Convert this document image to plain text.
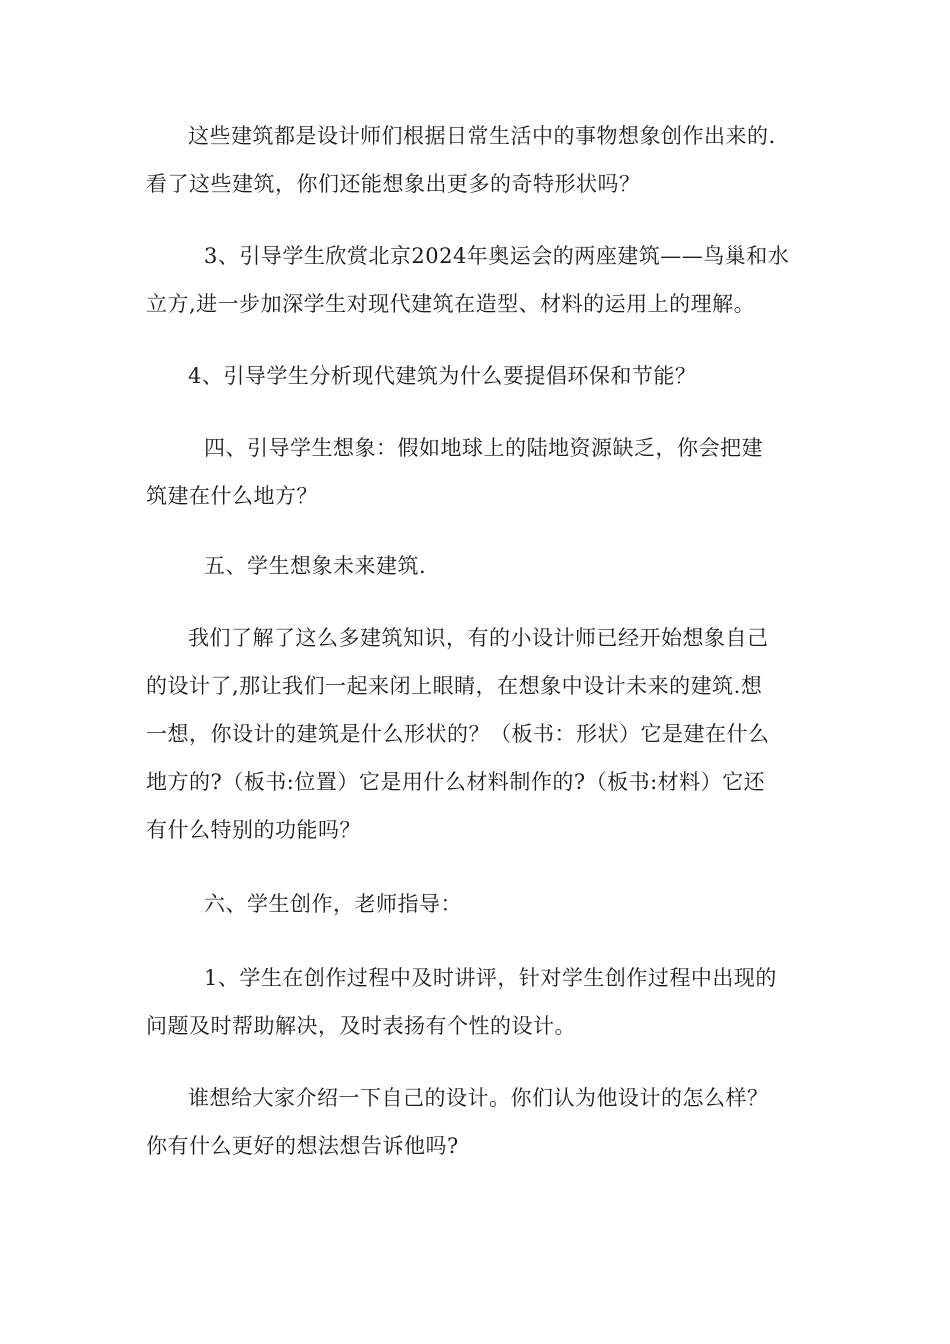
这些建筑都是设计师们根据日常生活中的事物想象创作出来的.
看了这些建筑，你们还能想象出更多的奇特形状吗？

3、引导学生欣赏北京2024年奥运会的两座建筑——鸟巢和水
立方,进一步加深学生对现代建筑在造型、材料的运用上的理解。

4、引导学生分析现代建筑为什么要提倡环保和节能？

四、引导学生想象：假如地球上的陆地资源缺乏，你会把建
筑建在什么地方？

五、学生想象未来建筑.

我们了解了这么多建筑知识，有的小设计师已经开始想象自己
的设计了,那让我们一起来闭上眼睛，在想象中设计未来的建筑.想
一想，你设计的建筑是什么形状的？（板书：形状）它是建在什么
地方的?（板书:位置）它是用什么材料制作的?（板书:材料）它还
有什么特别的功能吗？

六、学生创作，老师指导：

1、学生在创作过程中及时讲评，针对学生创作过程中出现的
问题及时帮助解决，及时表扬有个性的设计。

谁想给大家介绍一下自己的设计。你们认为他设计的怎么样？
你有什么更好的想法想告诉他吗?
